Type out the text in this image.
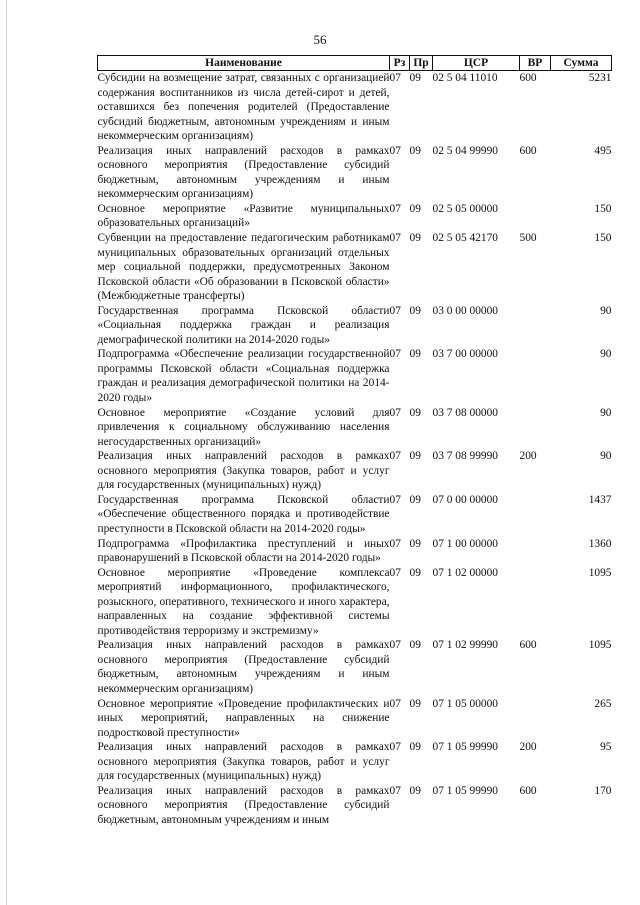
56
Наименование	Рз	Пр	ЦСР	ВР	Сумма
Субсидии на возмещение затрат, связанных с организацией содержания воспитанников из числа детей-сирот и детей, оставшихся без попечения родителей (Предоставление субсидий бюджетным, автономным учреждениям и иным некоммерческим организациям)	07	09	02 5 04 11010	600	5231
Реализация иных направлений расходов в рамках основного мероприятия (Предоставление субсидий бюджетным, автономным учреждениям и иным некоммерческим организациям)	07	09	02 5 04 99990	600	495
Основное мероприятие «Развитие муниципальных образовательных организаций»	07	09	02 5 05 00000		150
Субвенции на предоставление педагогическим работникам муниципальных образовательных организаций отдельных мер социальной поддержки, предусмотренных Законом Псковской области «Об образовании в Псковской области» (Межбюджетные трансферты)	07	09	02 5 05 42170	500	150
Государственная программа Псковской области «Социальная поддержка граждан и реализация демографической политики на 2014-2020 годы»	07	09	03 0 00 00000		90
Подпрограмма «Обеспечение реализации государственной программы Псковской области «Социальная поддержка граждан и реализация демографической политики на 2014-2020 годы»	07	09	03 7 00 00000		90
Основное мероприятие «Создание условий для привлечения к социальному обслуживанию населения негосударственных организаций»	07	09	03 7 08 00000		90
Реализация иных направлений расходов в рамках основного мероприятия (Закупка товаров, работ и услуг для государственных (муниципальных) нужд)	07	09	03 7 08 99990	200	90
Государственная программа Псковской области «Обеспечение общественного порядка и противодействие преступности в Псковской области на 2014-2020 годы»	07	09	07 0 00 00000		1437
Подпрограмма «Профилактика преступлений и иных правонарушений в Псковской области на 2014-2020 годы»	07	09	07 1 00 00000		1360
Основное мероприятие «Проведение комплекса мероприятий информационного, профилактического, розыскного, оперативного, технического и иного характера, направленных на создание эффективной системы противодействия терроризму и экстремизму»	07	09	07 1 02 00000		1095
Реализация иных направлений расходов в рамках основного мероприятия (Предоставление субсидий бюджетным, автономным учреждениям и иным некоммерческим организациям)	07	09	07 1 02 99990	600	1095
Основное мероприятие «Проведение профилактических и иных мероприятий, направленных на снижение подростковой преступности»	07	09	07 1 05 00000		265
Реализация иных направлений расходов в рамках основного мероприятия (Закупка товаров, работ и услуг для государственных (муниципальных) нужд)	07	09	07 1 05 99990	200	95
Реализация иных направлений расходов в рамках основного мероприятия (Предоставление субсидий бюджетным, автономным учреждениям и иным	07	09	07 1 05 99990	600	170
